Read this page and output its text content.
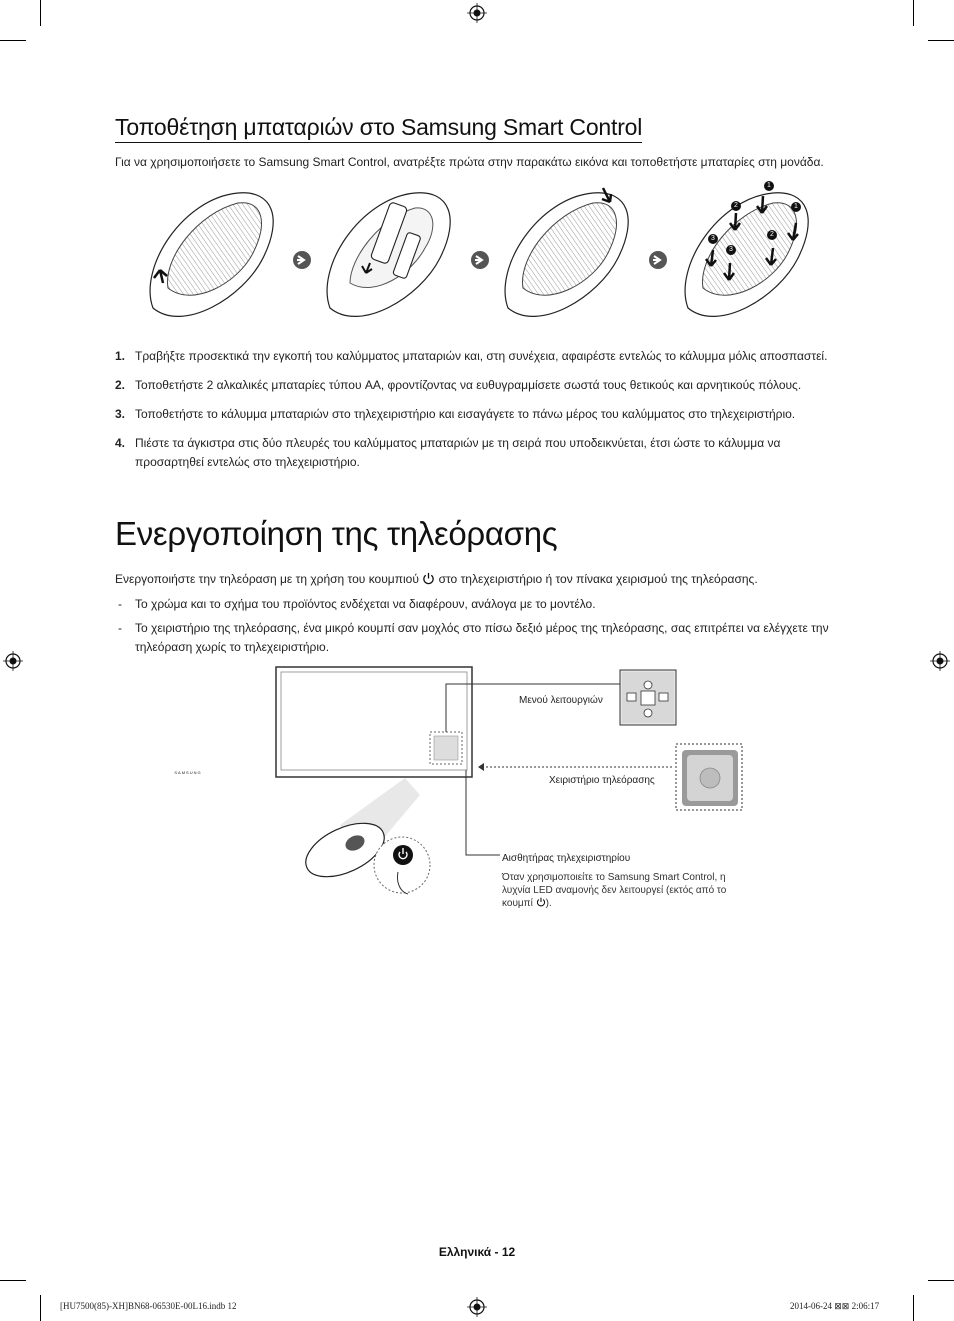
Τοποθέτηση μπαταριών στο Samsung Smart Control
Για να χρησιμοποιήσετε το Samsung Smart Control, ανατρέξτε πρώτα στην παρακάτω εικόνα και τοποθετήστε μπαταρίες στη μονάδα.
1
1
2
2
3
3
1. Τραβήξτε προσεκτικά την εγκοπή του καλύμματος μπαταριών και, στη συνέχεια, αφαιρέστε εντελώς το κάλυμμα μόλις αποσπαστεί.
2. Τοποθετήστε 2 αλκαλικές μπαταρίες τύπου AA, φροντίζοντας να ευθυγραμμίσετε σωστά τους θετικούς και αρνητικούς πόλους.
3. Τοποθετήστε το κάλυμμα μπαταριών στο τηλεχειριστήριο και εισαγάγετε το πάνω μέρος του καλύμματος στο τηλεχειριστήριο.
4. Πιέστε τα άγκιστρα στις δύο πλευρές του καλύμματος μπαταριών με τη σειρά που υποδεικνύεται, έτσι ώστε το κάλυμμα να προσαρτηθεί εντελώς στο τηλεχειριστήριο.
Ενεργοποίηση της τηλεόρασης
Ενεργοποιήστε την τηλεόραση με τη χρήση του κουμπιού στο τηλεχειριστήριο ή τον πίνακα χειρισμού της τηλεόρασης.
- Το χρώμα και το σχήμα του προϊόντος ενδέχεται να διαφέρουν, ανάλογα με το μοντέλο.
- Το χειριστήριο της τηλεόρασης, ένα μικρό κουμπί σαν μοχλός στο πίσω δεξιό μέρος της τηλεόρασης, σας επιτρέπει να ελέγχετε την τηλεόραση χωρίς το τηλεχειριστήριο.
SAMSUNG
Μενού λειτουργιών
Χειριστήριο τηλεόρασης
Αισθητήρας τηλεχειριστηρίου
Όταν χρησιμοποιείτε το Samsung Smart Control, η λυχνία LED αναμονής δεν λειτουργεί (εκτός από το κουμπί ).
Ελληνικά - 12
[HU7500(85)-XH]BN68-06530E-00L16.indb 12	2014-06-24 ⊠⊠ 2:06:17
